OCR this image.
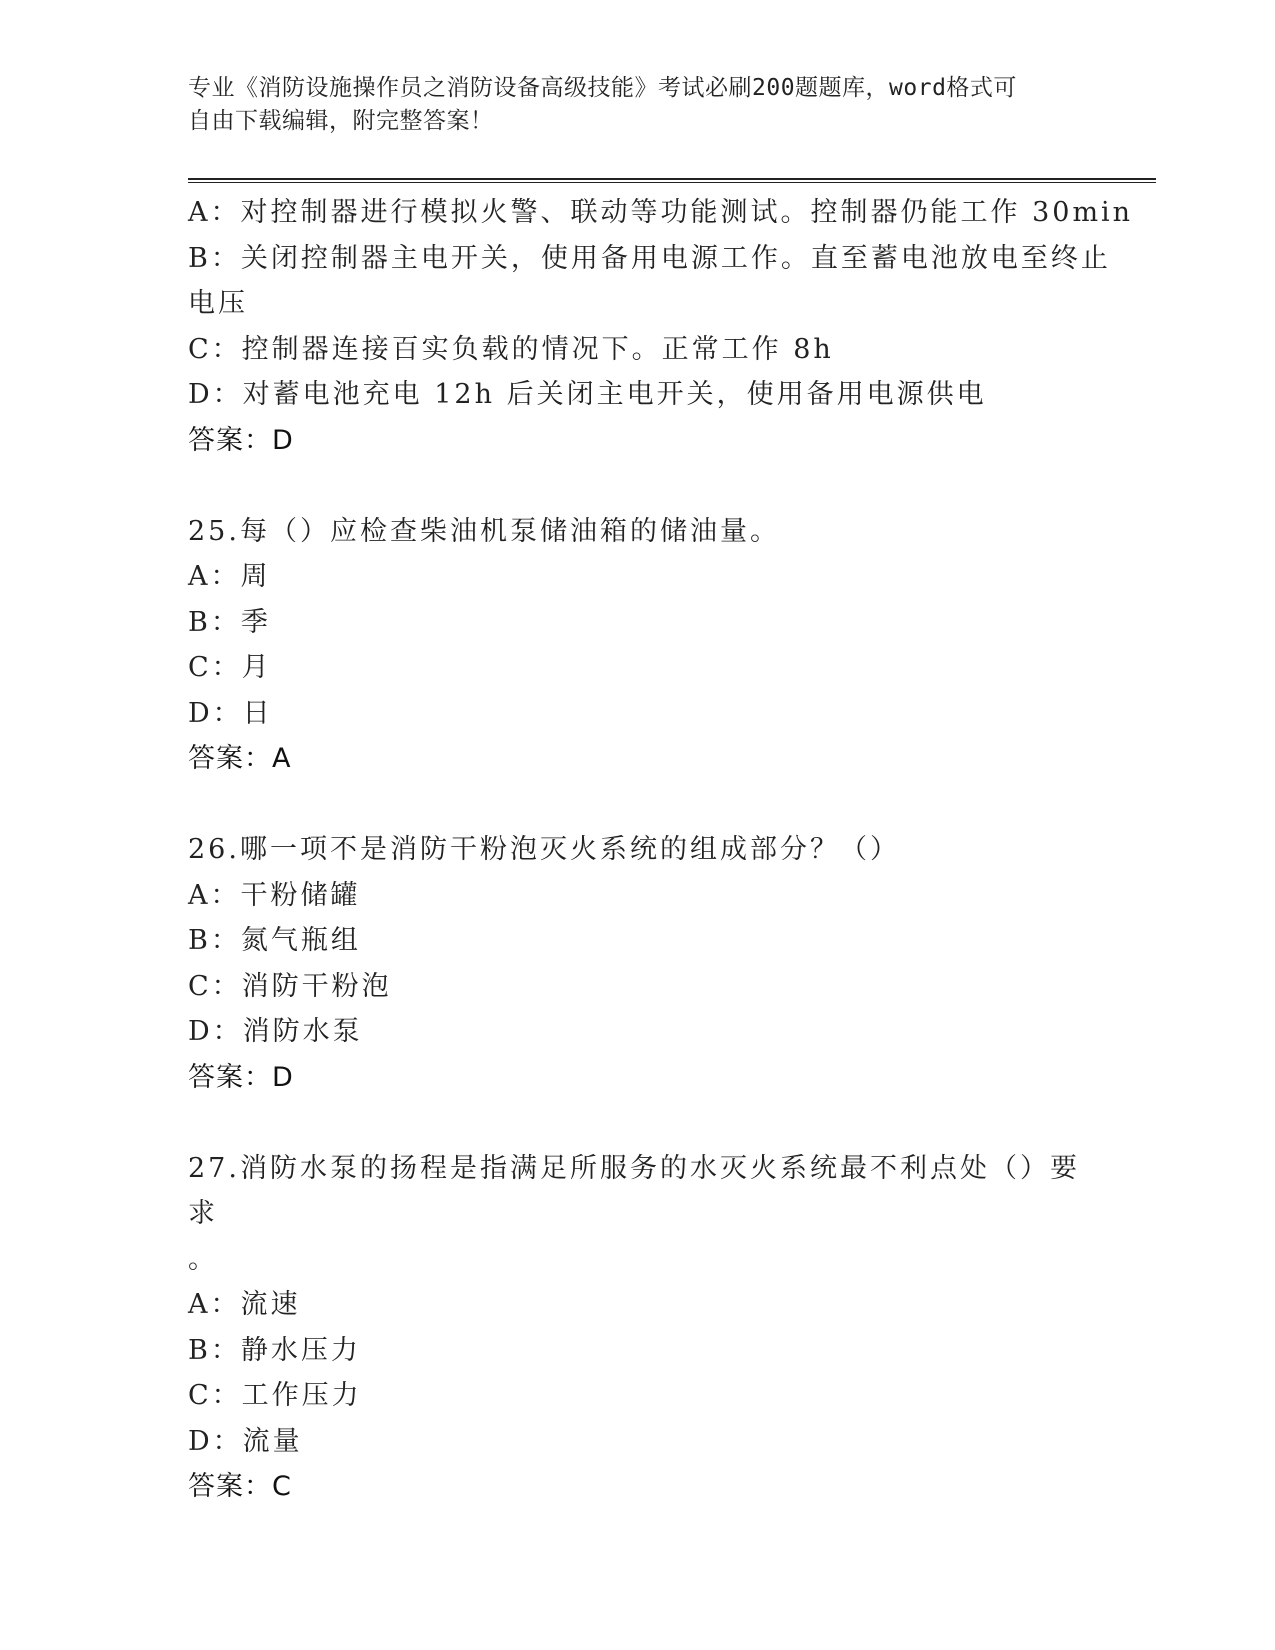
专业《消防设施操作员之消防设备高级技能》考试必刷200题题库，word格式可
自由下载编辑，附完整答案！
A ： 对控制器进行模拟火警、联动等功能测试。控制器仍能工作 30min
B ： 关闭控制器主电开关，使用备用电源工作。直至蓄电池放电至终止
电压
C ： 控制器连接百实负载的情况下。正常工作 8h
D ： 对蓄电池充电 12h 后关闭主电开关，使用备用电源供电
答案：D
25.每（）应检查柴油机泵储油箱的储油量。
A ： 周
B ： 季
C ： 月
D ： 日
答案：A
26.哪一项不是消防干粉泡灭火系统的组成部分？（）
A ： 干粉储罐
B ： 氮气瓶组
C ： 消防干粉泡
D ： 消防水泵
答案：D
27.消防水泵的扬程是指满足所服务的水灭火系统最不利点处（）要求
。
A ： 流速
B ： 静水压力
C ： 工作压力
D ： 流量
答案：C
